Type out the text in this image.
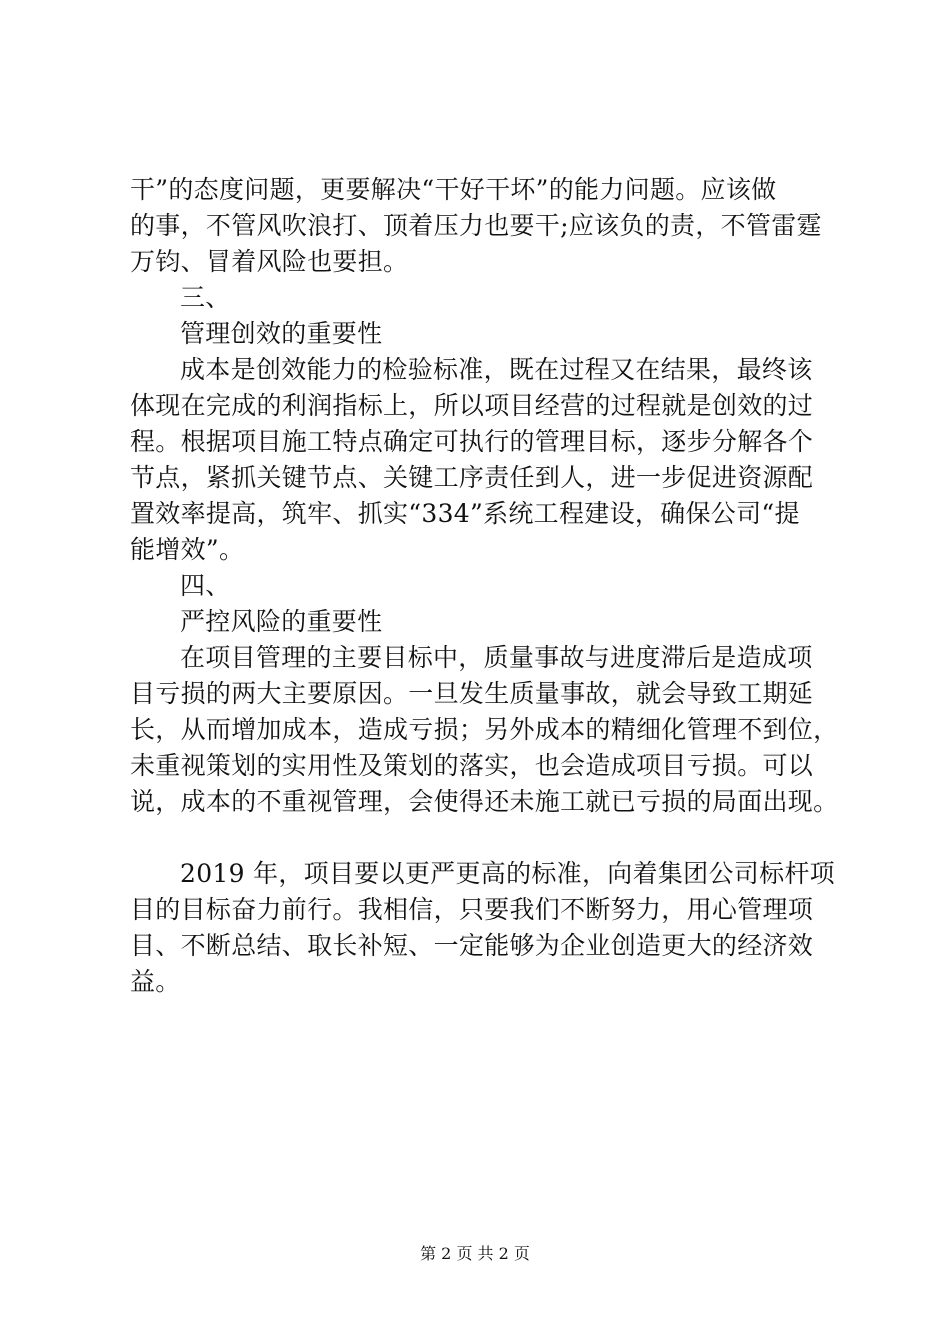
干”的态度问题，更要解决“干好干坏”的能力问题。应该做

的事，不管风吹浪打、顶着压力也要干;应该负的责，不管雷霆

万钧、冒着风险也要担。

三、

管理创效的重要性

成本是创效能力的检验标准，既在过程又在结果，最终该

体现在完成的利润指标上，所以项目经营的过程就是创效的过

程。根据项目施工特点确定可执行的管理目标，逐步分解各个

节点，紧抓关键节点、关键工序责任到人，进一步促进资源配

置效率提高，筑牢、抓实“334”系统工程建设，确保公司“提

能增效”。

四、

严控风险的重要性

在项目管理的主要目标中，质量事故与进度滞后是造成项

目亏损的两大主要原因。一旦发生质量事故，就会导致工期延

长，从而增加成本，造成亏损；另外成本的精细化管理不到位，

未重视策划的实用性及策划的落实，也会造成项目亏损。可以

说，成本的不重视管理，会使得还未施工就已亏损的局面出现。

2019 年，项目要以更严更高的标准，向着集团公司标杆项

目的目标奋力前行。我相信，只要我们不断努力，用心管理项

目、不断总结、取长补短、一定能够为企业创造更大的经济效

益。

第 2 页 共 2 页
